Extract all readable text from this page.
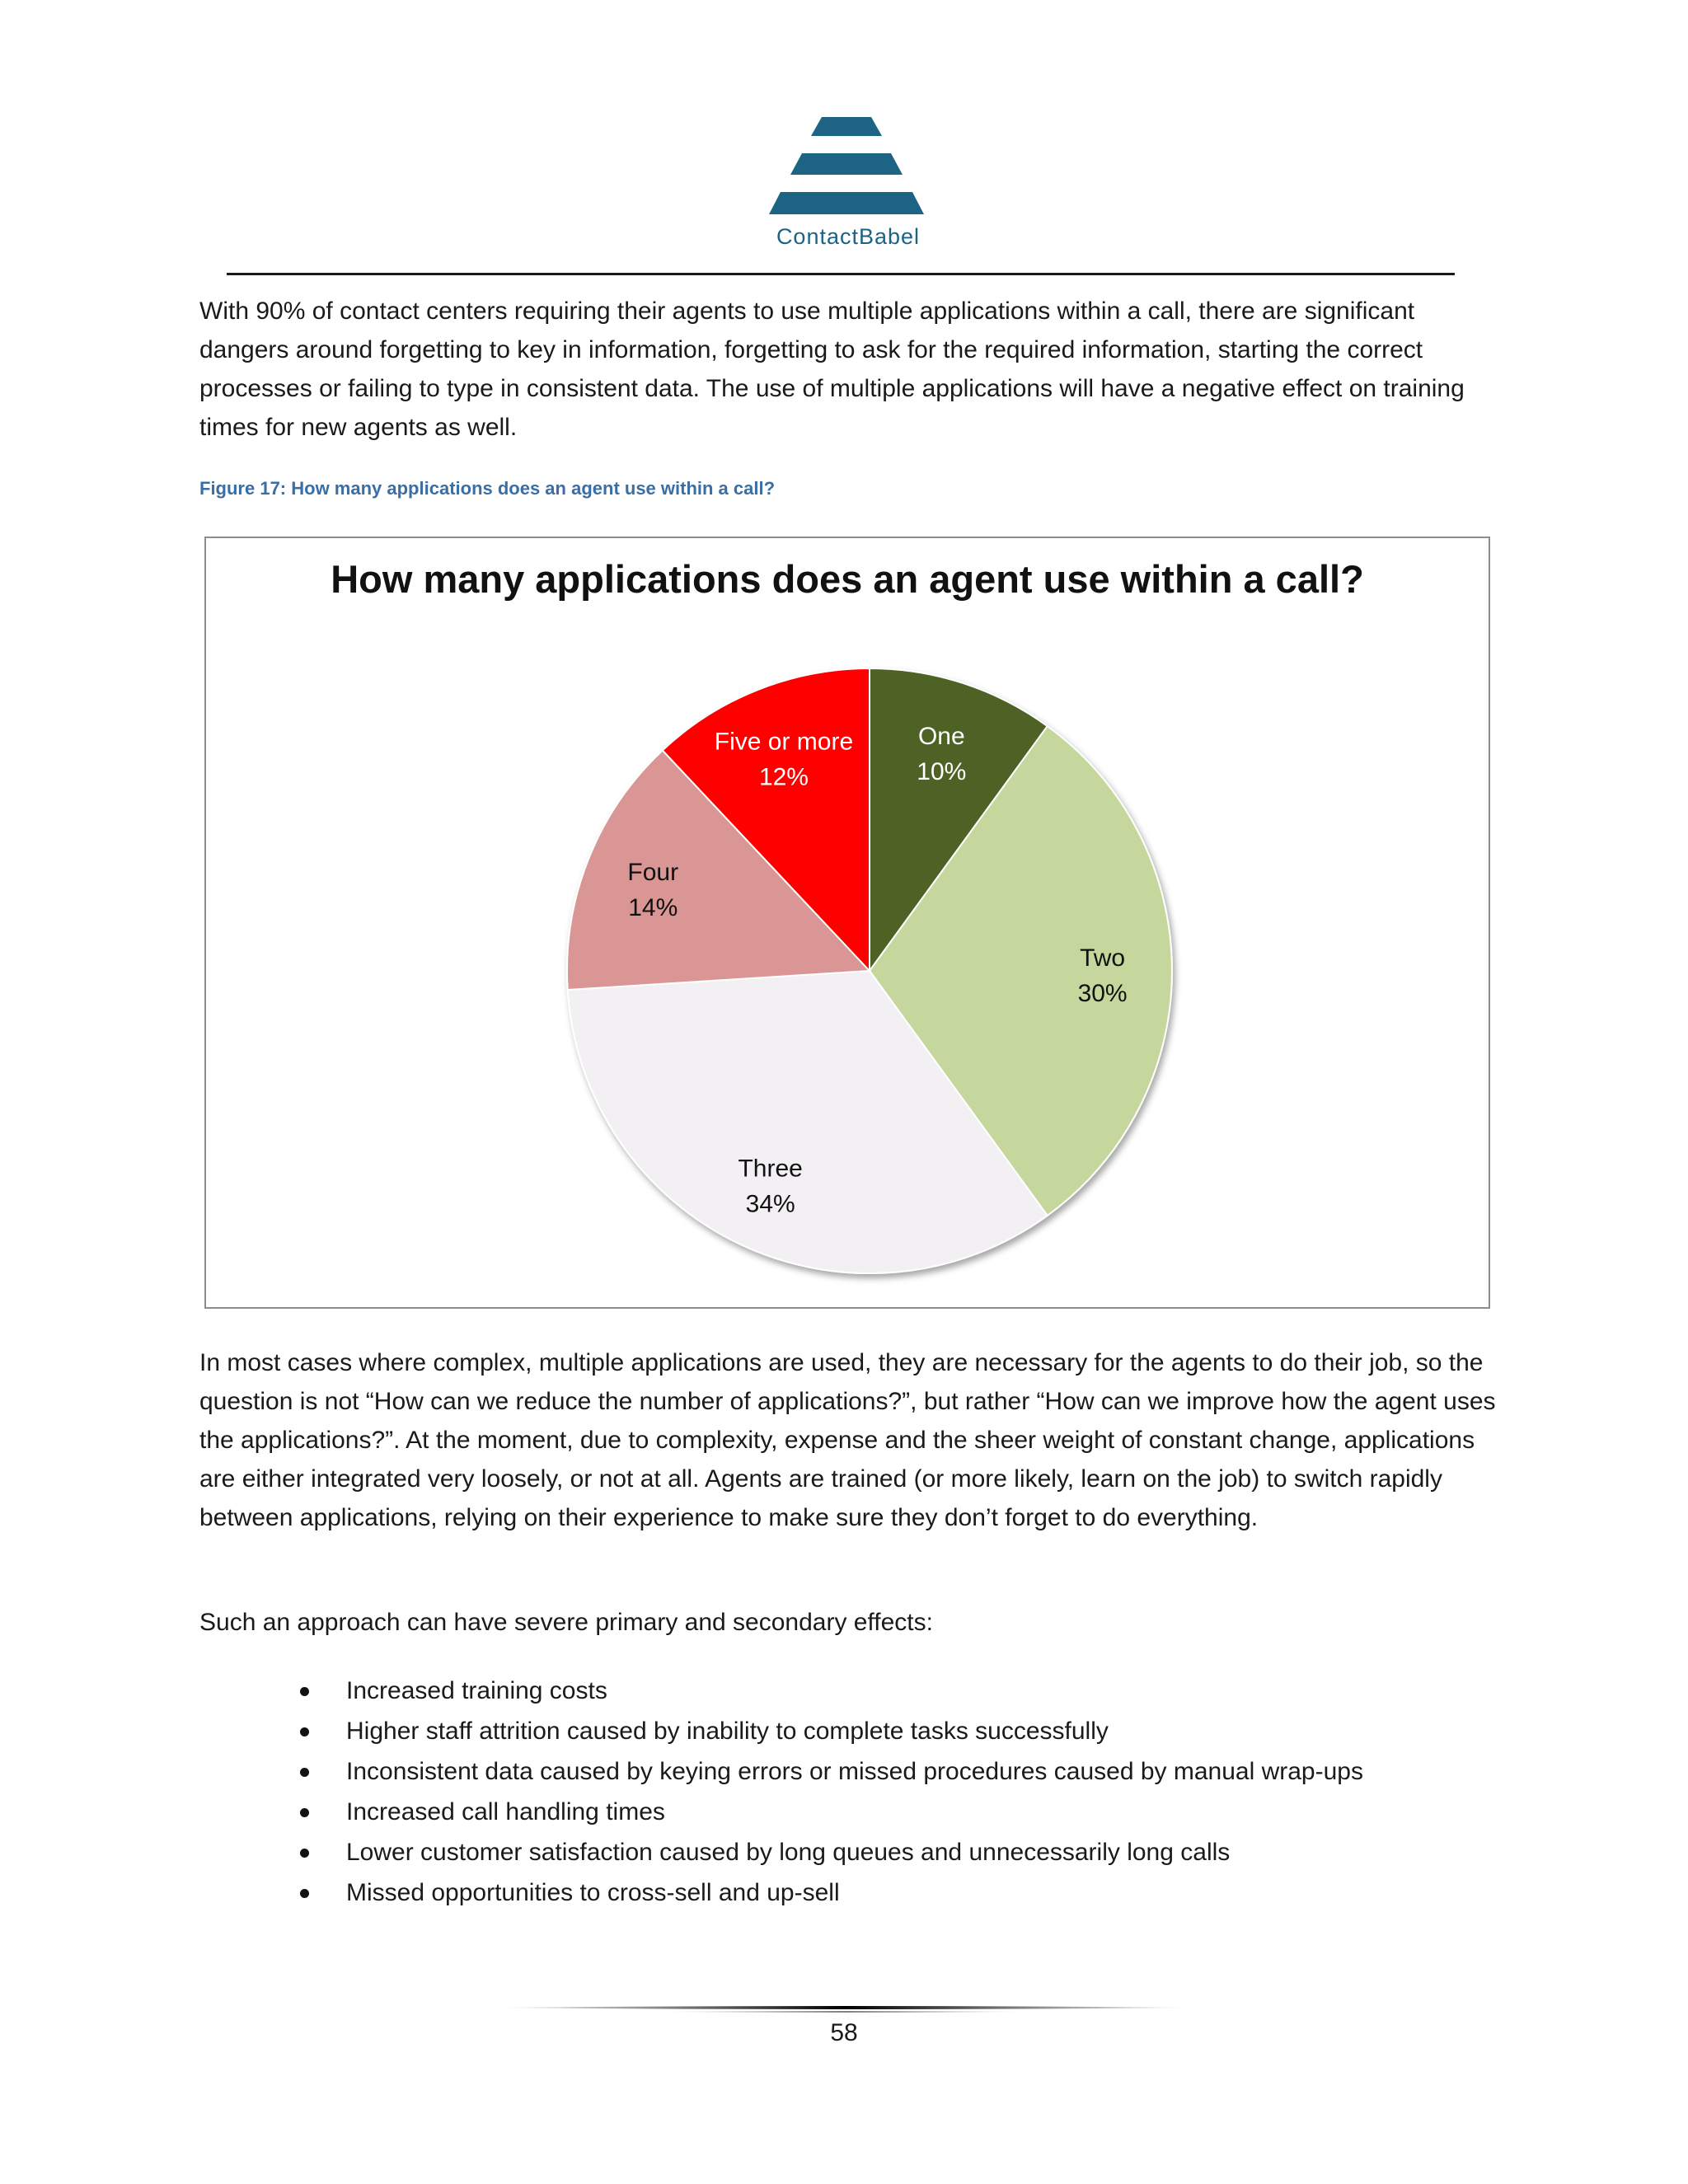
ContactBabel

With 90% of contact centers requiring their agents to use multiple applications within a call, there are significant dangers around forgetting to key in information, forgetting to ask for the required information, starting the correct processes or failing to type in consistent data. The use of multiple applications will have a negative effect on training times for new agents as well.

Figure 17: How many applications does an agent use within a call?
How many applications does an agent use within a call?
One 10%
Two 30%
Three 34%
Four 14%
Five or more 12%

In most cases where complex, multiple applications are used, they are necessary for the agents to do their job, so the question is not “How can we reduce the number of applications?”, but rather “How can we improve how the agent uses the applications?”. At the moment, due to complexity, expense and the sheer weight of constant change, applications are either integrated very loosely, or not at all. Agents are trained (or more likely, learn on the job) to switch rapidly between applications, relying on their experience to make sure they don’t forget to do everything.

Such an approach can have severe primary and secondary effects:

Increased training costs
Higher staff attrition caused by inability to complete tasks successfully
Inconsistent data caused by keying errors or missed procedures caused by manual wrap-ups
Increased call handling times
Lower customer satisfaction caused by long queues and unnecessarily long calls
Missed opportunities to cross-sell and up-sell
58
